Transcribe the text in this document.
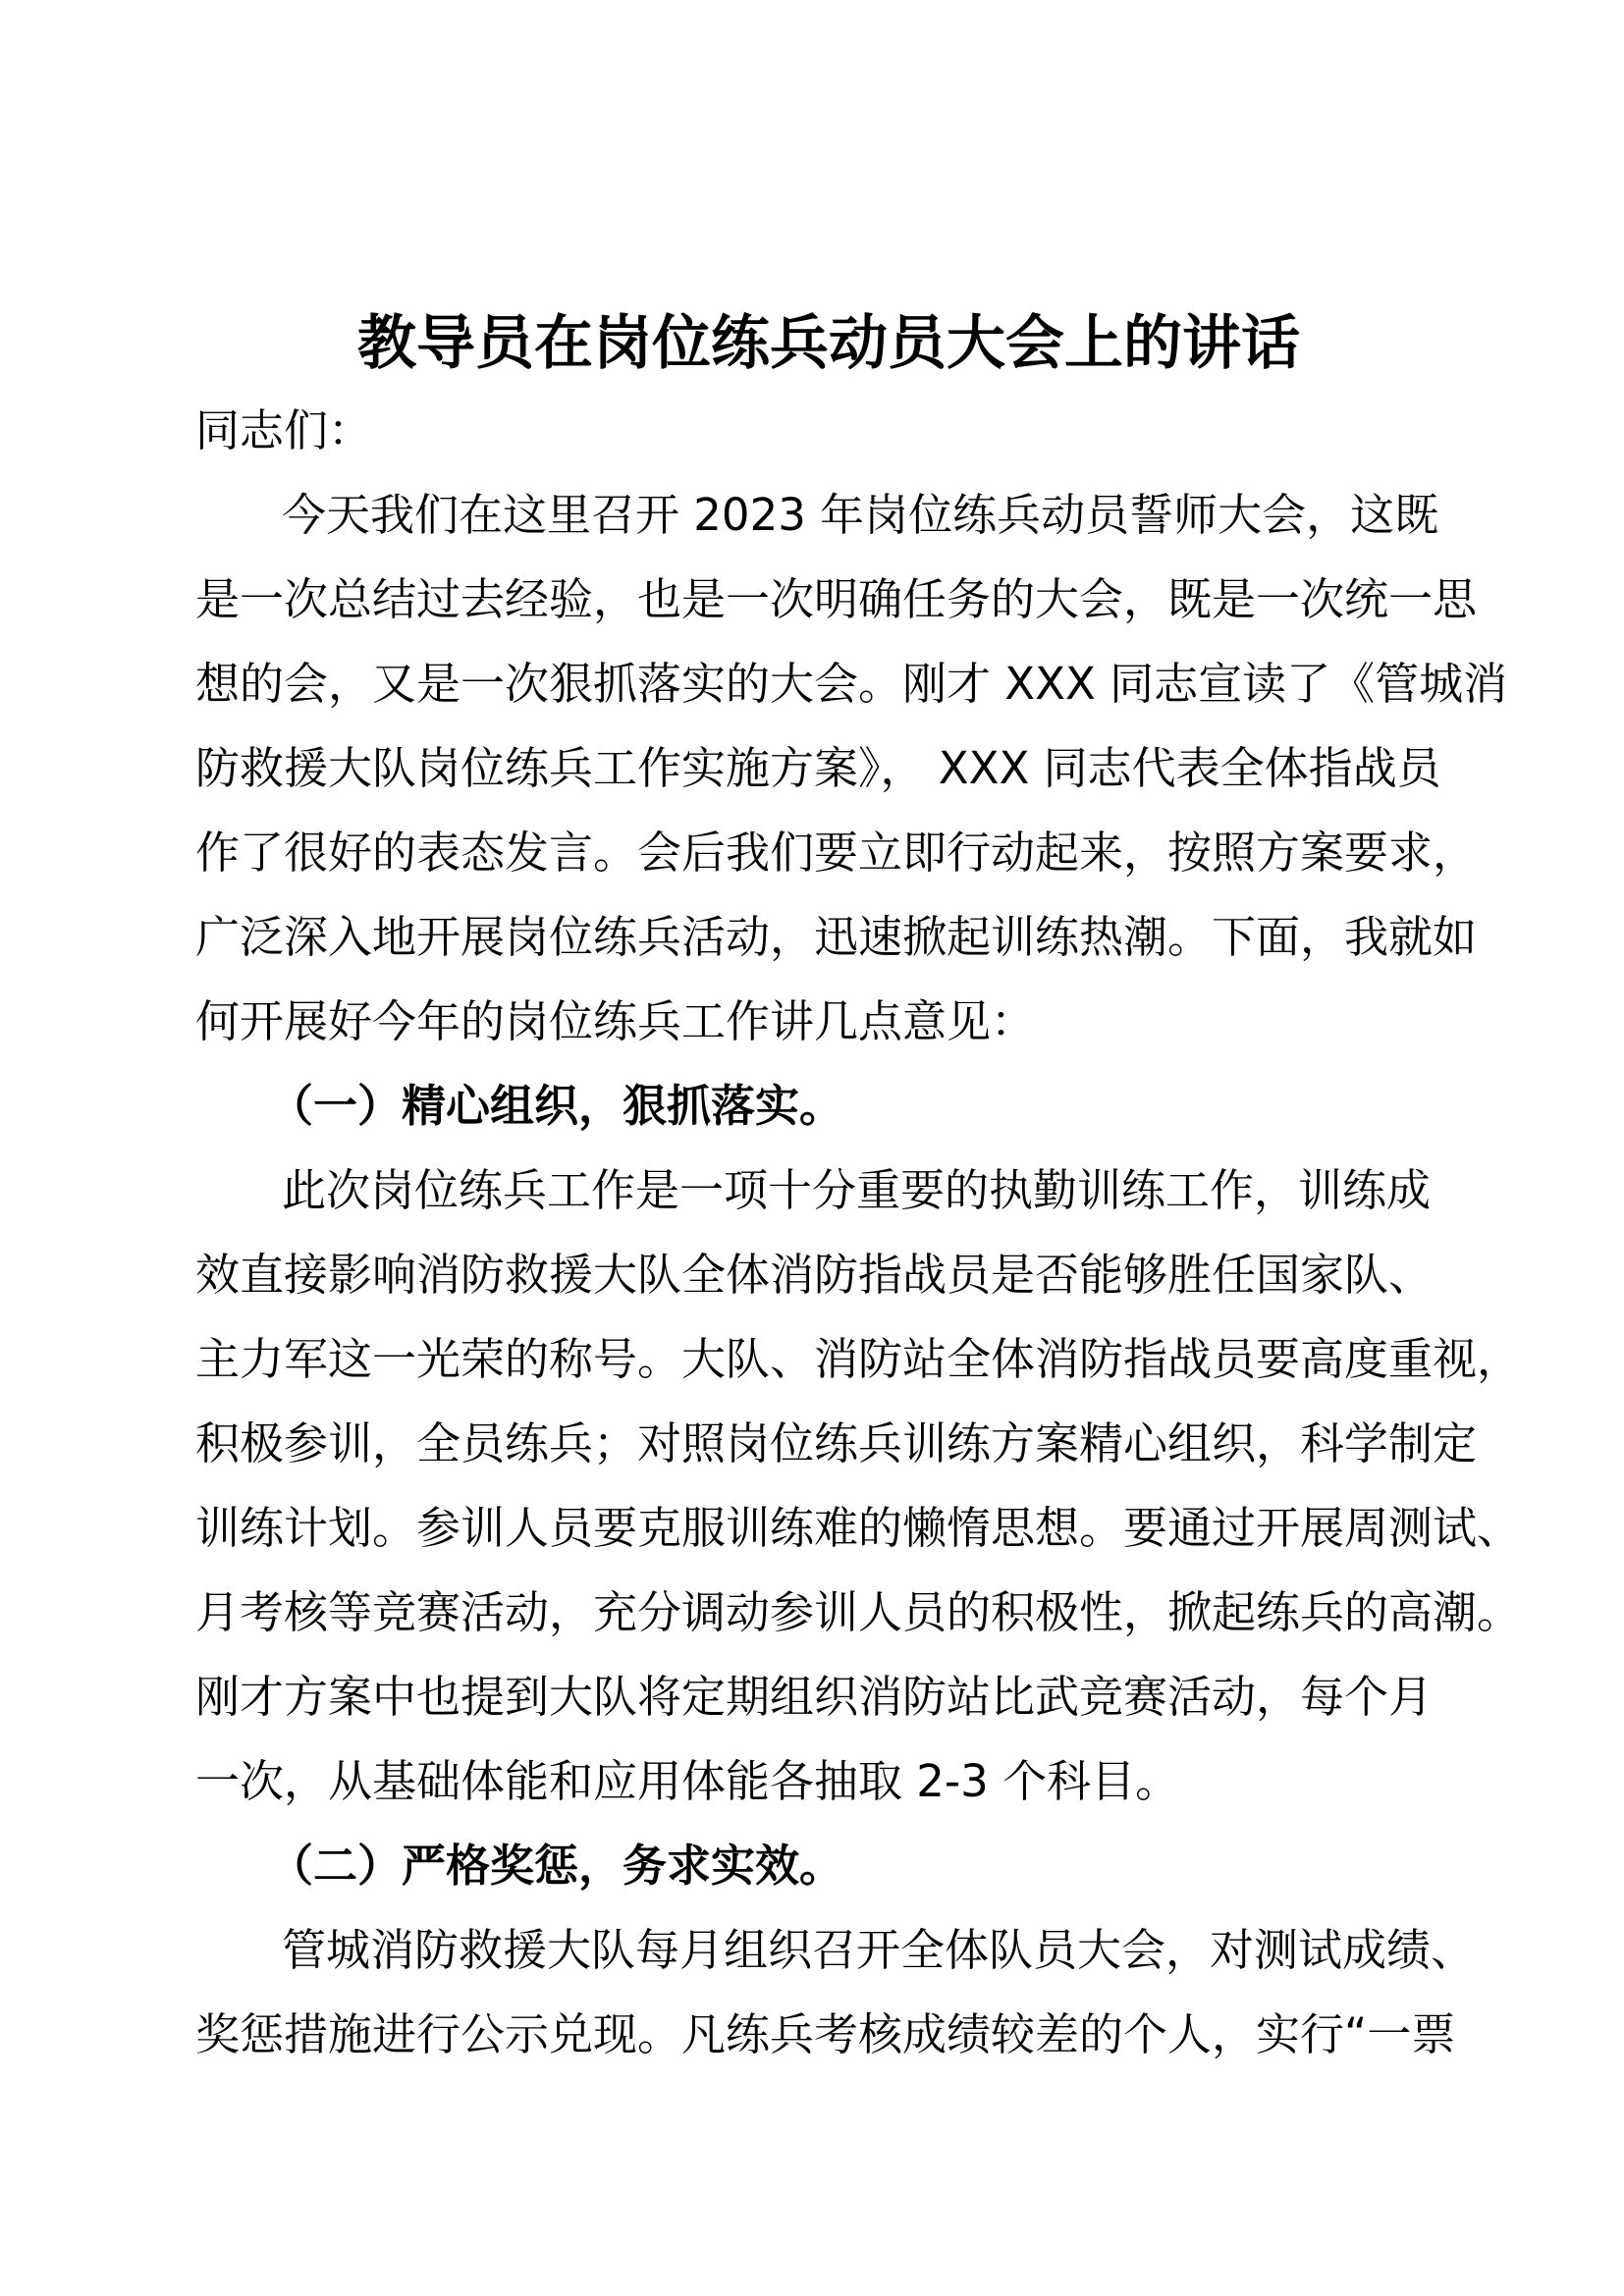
教导员在岗位练兵动员大会上的讲话

同志们：

今天我们在这里召开 2023 年岗位练兵动员誓师大会，这既

是一次总结过去经验，也是一次明确任务的大会，既是一次统一思

想的会，又是一次狠抓落实的大会。刚才 XXX 同志宣读了《管城消

防救援大队岗位练兵工作实施方案》， XXX 同志代表全体指战员

作了很好的表态发言。会后我们要立即行动起来，按照方案要求，

广泛深入地开展岗位练兵活动，迅速掀起训练热潮。下面，我就如

何开展好今年的岗位练兵工作讲几点意见：

（一）精心组织，狠抓落实。

此次岗位练兵工作是一项十分重要的执勤训练工作，训练成

效直接影响消防救援大队全体消防指战员是否能够胜任国家队、

主力军这一光荣的称号。大队、消防站全体消防指战员要高度重视，

积极参训，全员练兵；对照岗位练兵训练方案精心组织，科学制定

训练计划。参训人员要克服训练难的懒惰思想。要通过开展周测试、

月考核等竞赛活动，充分调动参训人员的积极性，掀起练兵的高潮。

刚才方案中也提到大队将定期组织消防站比武竞赛活动，每个月

一次，从基础体能和应用体能各抽取 2-3 个科目。

（二）严格奖惩，务求实效。

管城消防救援大队每月组织召开全体队员大会，对测试成绩、

奖惩措施进行公示兑现。凡练兵考核成绩较差的个人，实行“一票
